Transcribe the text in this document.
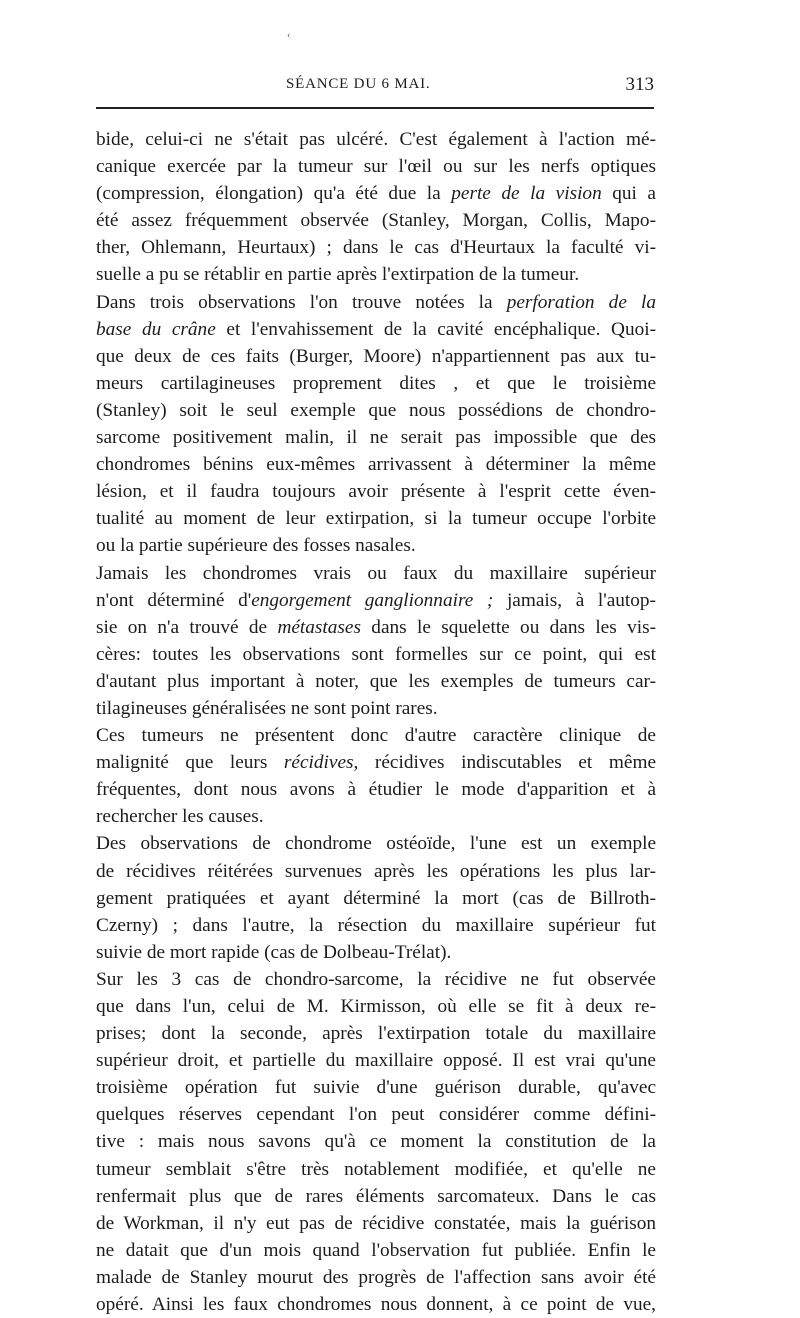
‹
SÉANCE DU 6 MAI.	313
bide, celui-ci ne s'était pas ulcéré. C'est également à l'action mé-
canique exercée par la tumeur sur l'œil ou sur les nerfs optiques
(compression, élongation) qu'a été due la perte de la vision qui a
été assez fréquemment observée (Stanley, Morgan, Collis, Mapo-
ther, Ohlemann, Heurtaux) ; dans le cas d'Heurtaux la faculté vi-
suelle a pu se rétablir en partie après l'extirpation de la tumeur.
Dans trois observations l'on trouve notées la perforation de la
base du crâne et l'envahissement de la cavité encéphalique. Quoi-
que deux de ces faits (Burger, Moore) n'appartiennent pas aux tu-
meurs cartilagineuses proprement dites , et que le troisième
(Stanley) soit le seul exemple que nous possédions de chondro-
sarcome positivement malin, il ne serait pas impossible que des
chondromes bénins eux-mêmes arrivassent à déterminer la même
lésion, et il faudra toujours avoir présente à l'esprit cette éven-
tualité au moment de leur extirpation, si la tumeur occupe l'orbite
ou la partie supérieure des fosses nasales.
Jamais les chondromes vrais ou faux du maxillaire supérieur
n'ont déterminé d'engorgement ganglionnaire ; jamais, à l'autop-
sie on n'a trouvé de métastases dans le squelette ou dans les vis-
cères: toutes les observations sont formelles sur ce point, qui est
d'autant plus important à noter, que les exemples de tumeurs car-
tilagineuses généralisées ne sont point rares.
Ces tumeurs ne présentent donc d'autre caractère clinique de
malignité que leurs récidives, récidives indiscutables et même
fréquentes, dont nous avons à étudier le mode d'apparition et à
rechercher les causes.
Des observations de chondrome ostéoïde, l'une est un exemple
de récidives réitérées survenues après les opérations les plus lar-
gement pratiquées et ayant déterminé la mort (cas de Billroth-
Czerny) ; dans l'autre, la résection du maxillaire supérieur fut
suivie de mort rapide (cas de Dolbeau-Trélat).
Sur les 3 cas de chondro-sarcome, la récidive ne fut observée
que dans l'un, celui de M. Kirmisson, où elle se fit à deux re-
prises; dont la seconde, après l'extirpation totale du maxillaire
supérieur droit, et partielle du maxillaire opposé. Il est vrai qu'une
troisième opération fut suivie d'une guérison durable, qu'avec
quelques réserves cependant l'on peut considérer comme défini-
tive : mais nous savons qu'à ce moment la constitution de la
tumeur semblait s'être très notablement modifiée, et qu'elle ne
renfermait plus que de rares éléments sarcomateux. Dans le cas
de Workman, il n'y eut pas de récidive constatée, mais la guérison
ne datait que d'un mois quand l'observation fut publiée. Enfin le
malade de Stanley mourut des progrès de l'affection sans avoir été
opéré. Ainsi les faux chondromes nous donnent, à ce point de vue,
